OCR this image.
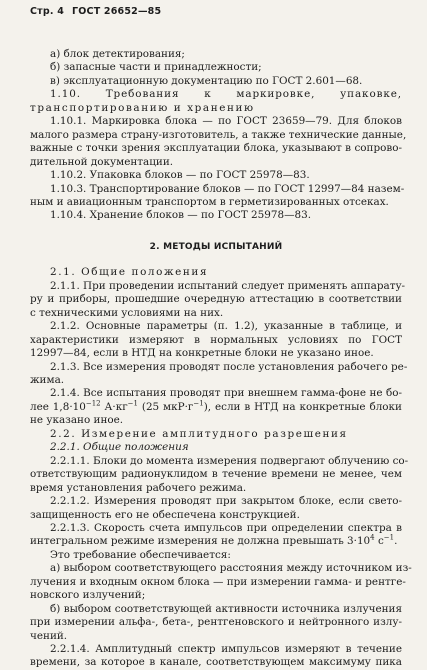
Стр. 4 ГОСТ 26652—85
а) блок детектирования;
б) запасные части и принадлежности;
в) эксплуатационную документацию по ГОСТ 2.601—68.
1.10. Требования к маркировке, упаковке,
транспортированию и хранению
1.10.1. Маркировка блока — по ГОСТ 23659—79. Для блоков
малого размера страну-изготовитель, а также технические данные,
важные с точки зрения эксплуатации блока, указывают в сопрово-
дительной документации.
1.10.2. Упаковка блоков — по ГОСТ 25978—83.
1.10.3. Транспортирование блоков — по ГОСТ 12997—84 назем-
ным и авиационным транспортом в герметизированных отсеках.
1.10.4. Хранение блоков — по ГОСТ 25978—83.
2. МЕТОДЫ ИСПЫТАНИЙ
2.1. Общие положения
2.1.1. При проведении испытаний следует применять аппарату-
ру и приборы, прошедшие очередную аттестацию в соответствии
с техническими условиями на них.
2.1.2. Основные параметры (п. 1.2), указанные в таблице, и
характеристики измеряют в нормальных условиях по ГОСТ
12997—84, если в НТД на конкретные блоки не указано иное.
2.1.3. Все измерения проводят после установления рабочего ре-
жима.
2.1.4. Все испытания проводят при внешнем гамма-фоне не бо-
лее $1,8\cdot 10^{-12}$ $А\cdot кг^{-1}$ (25 $мкР\cdot г^{-1}$), если в НТД на конкретные блоки
не указано иное.
2.2. Измерение амплитудного разрешения
2.2.1. Общие положения
2.2.1.1. Блоки до момента измерения подвергают облучению со-
ответствующим радионуклидом в течение времени не менее, чем
время установления рабочего режима.
2.2.1.2. Измерения проводят при закрытом блоке, если свето-
защищенность его не обеспечена конструкцией.
2.2.1.3. Скорость счета импульсов при определении спектра в
интегральном режиме измерения не должна превышать $3\cdot 10^4$ $с^{-1}$.
Это требование обеспечивается:
а) выбором соответствующего расстояния между источником из-
лучения и входным окном блока — при измерении гамма- и рентге-
новского излучений;
б) выбором соответствующей активности источника излучения
при измерении альфа-, бета-, рентгеновского и нейтронного излу-
чений.
2.2.1.4. Амплитудный спектр импульсов измеряют в течение
времени, за которое в канале, соответствующем максимуму пика
